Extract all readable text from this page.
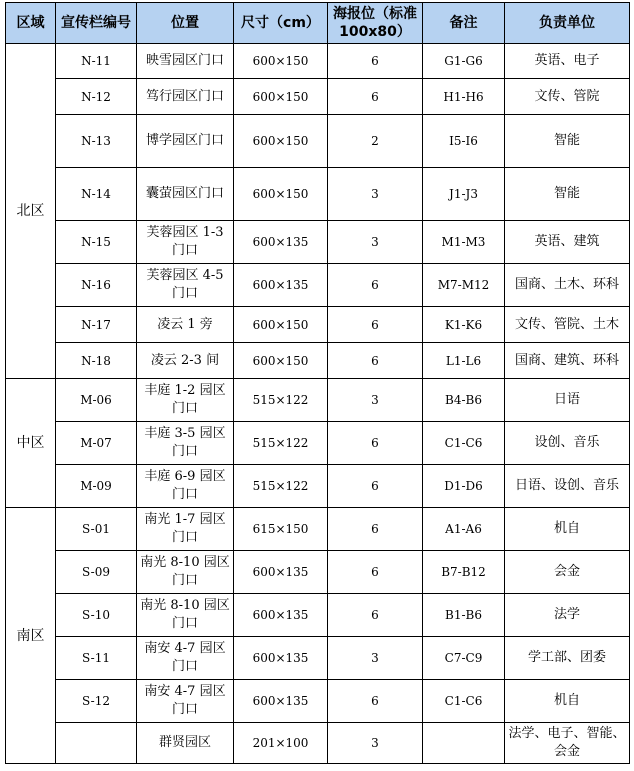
区域	宣传栏编号	位置	尺寸（cm）	海报位（标准100x80）	备注	负责单位
北区	N-11	映雪园区门口	600×150	6	G1-G6	英语、电子
	N-12	笃行园区门口	600×150	6	H1-H6	文传、管院
	N-13	博学园区门口	600×150	2	I5-I6	智能
	N-14	囊萤园区门口	600×150	3	J1-J3	智能
	N-15	芙蓉园区 1-3 门口	600×135	3	M1-M3	英语、建筑
	N-16	芙蓉园区 4-5 门口	600×135	6	M7-M12	国商、土木、环科
	N-17	凌云 1 旁	600×150	6	K1-K6	文传、管院、土木
	N-18	凌云 2-3 间	600×150	6	L1-L6	国商、建筑、环科
中区	M-06	丰庭 1-2 园区门口	515×122	3	B4-B6	日语
	M-07	丰庭 3-5 园区门口	515×122	6	C1-C6	设创、音乐
	M-09	丰庭 6-9 园区门口	515×122	6	D1-D6	日语、设创、音乐
南区	S-01	南光 1-7 园区门口	615×150	6	A1-A6	机自
	S-09	南光 8-10 园区门口	600×135	6	B7-B12	会金
	S-10	南光 8-10 园区门口	600×135	6	B1-B6	法学
	S-11	南安 4-7 园区门口	600×135	3	C7-C9	学工部、团委
	S-12	南安 4-7 园区门口	600×135	6	C1-C6	机自
		群贤园区	201×100	3		法学、电子、智能、会金
